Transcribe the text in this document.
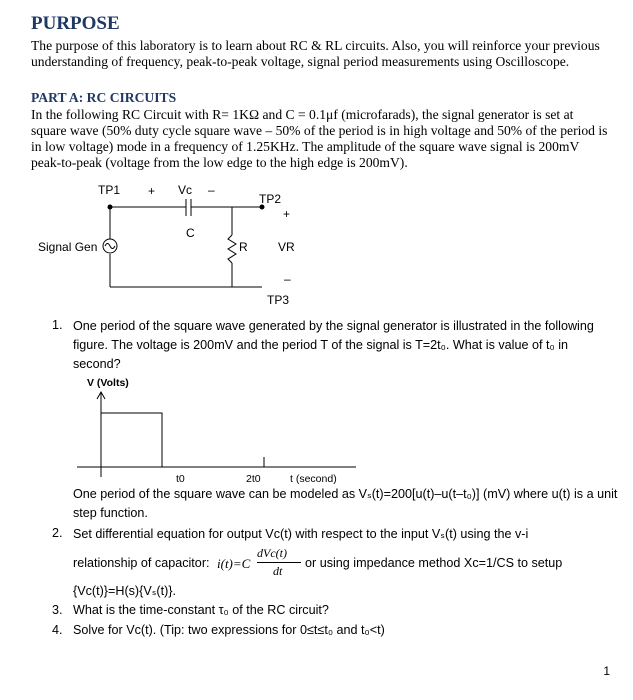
PURPOSE
The purpose of this laboratory is to learn about RC & RL circuits. Also, you will reinforce your previous understanding of frequency, peak-to-peak voltage, signal period measurements using Oscilloscope.
PART A: RC CIRCUITS
In the following RC Circuit with R= 1KΩ and C = 0.1μf (microfarads), the signal generator is set at square wave (50% duty cycle square wave – 50% of the period is in high voltage and 50% of the period is in low voltage) mode in a frequency of 1.25KHz. The amplitude of the square wave signal is 200mV peak-to-peak (voltage from the low edge to the high edge is 200mV).
TP1 + Vc –
TP2
+
C
R	VR
Signal Gen
–
TP3
1. One period of the square wave generated by the signal generator is illustrated in the following figure. The voltage is 200mV and the period T of the signal is T=2t₀. What is value of t₀ in second?
V (Volts)
t0	2t0	t (second)
One period of the square wave can be modeled as Vₛ(t)=200[u(t)–u(t–t₀)] (mV) where u(t) is a unit step function.
2. Set differential equation for output Vc(t) with respect to the input Vₛ(t) using the v-i
relationship of capacitor: i(t)=C
dVc(t)
dt
or using impedance method Xc=1/CS to setup
{Vc(t)}=H(s){Vₛ(t)}.
3. What is the time-constant τ₀ of the RC circuit?
4. Solve for Vc(t). (Tip: two expressions for 0≤t≤t₀ and t₀<t)
1
